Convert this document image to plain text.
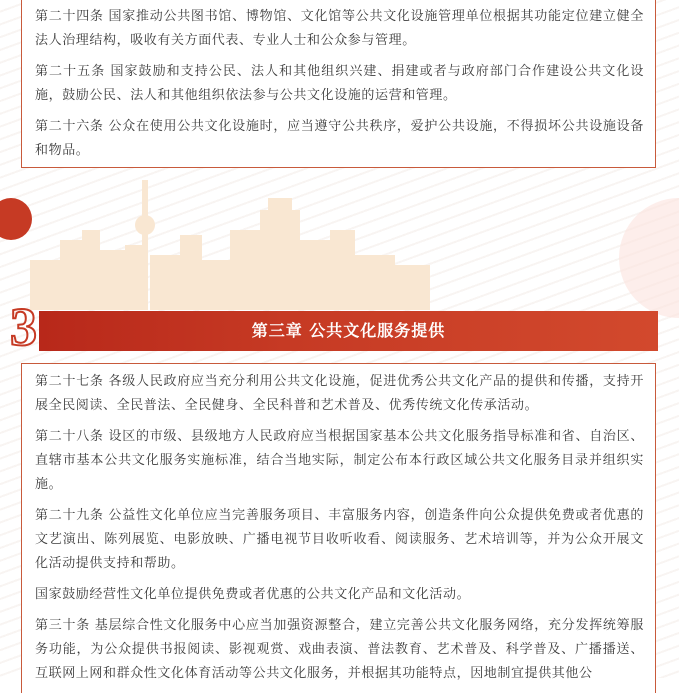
第二十四条 国家推动公共图书馆、博物馆、文化馆等公共文化设施管理单位根据其功能定位建立健全法人治理结构，吸收有关方面代表、专业人士和公众参与管理。

第二十五条 国家鼓励和支持公民、法人和其他组织兴建、捐建或者与政府部门合作建设公共文化设施，鼓励公民、法人和其他组织依法参与公共文化设施的运营和管理。

第二十六条 公众在使用公共文化设施时，应当遵守公共秩序，爱护公共设施，不得损坏公共设施设备和物品。

3	第三章 公共文化服务提供

第二十七条 各级人民政府应当充分利用公共文化设施，促进优秀公共文化产品的提供和传播，支持开展全民阅读、全民普法、全民健身、全民科普和艺术普及、优秀传统文化传承活动。

第二十八条 设区的市级、县级地方人民政府应当根据国家基本公共文化服务指导标准和省、自治区、直辖市基本公共文化服务实施标准，结合当地实际，制定公布本行政区域公共文化服务目录并组织实施。

第二十九条 公益性文化单位应当完善服务项目、丰富服务内容，创造条件向公众提供免费或者优惠的文艺演出、陈列展览、电影放映、广播电视节目收听收看、阅读服务、艺术培训等，并为公众开展文化活动提供支持和帮助。

国家鼓励经营性文化单位提供免费或者优惠的公共文化产品和文化活动。

第三十条 基层综合性文化服务中心应当加强资源整合，建立完善公共文化服务网络，充分发挥统筹服务功能，为公众提供书报阅读、影视观赏、戏曲表演、普法教育、艺术普及、科学普及、广播播送、互联网上网和群众性文化体育活动等公共文化服务，并根据其功能特点，因地制宜提供其他公
